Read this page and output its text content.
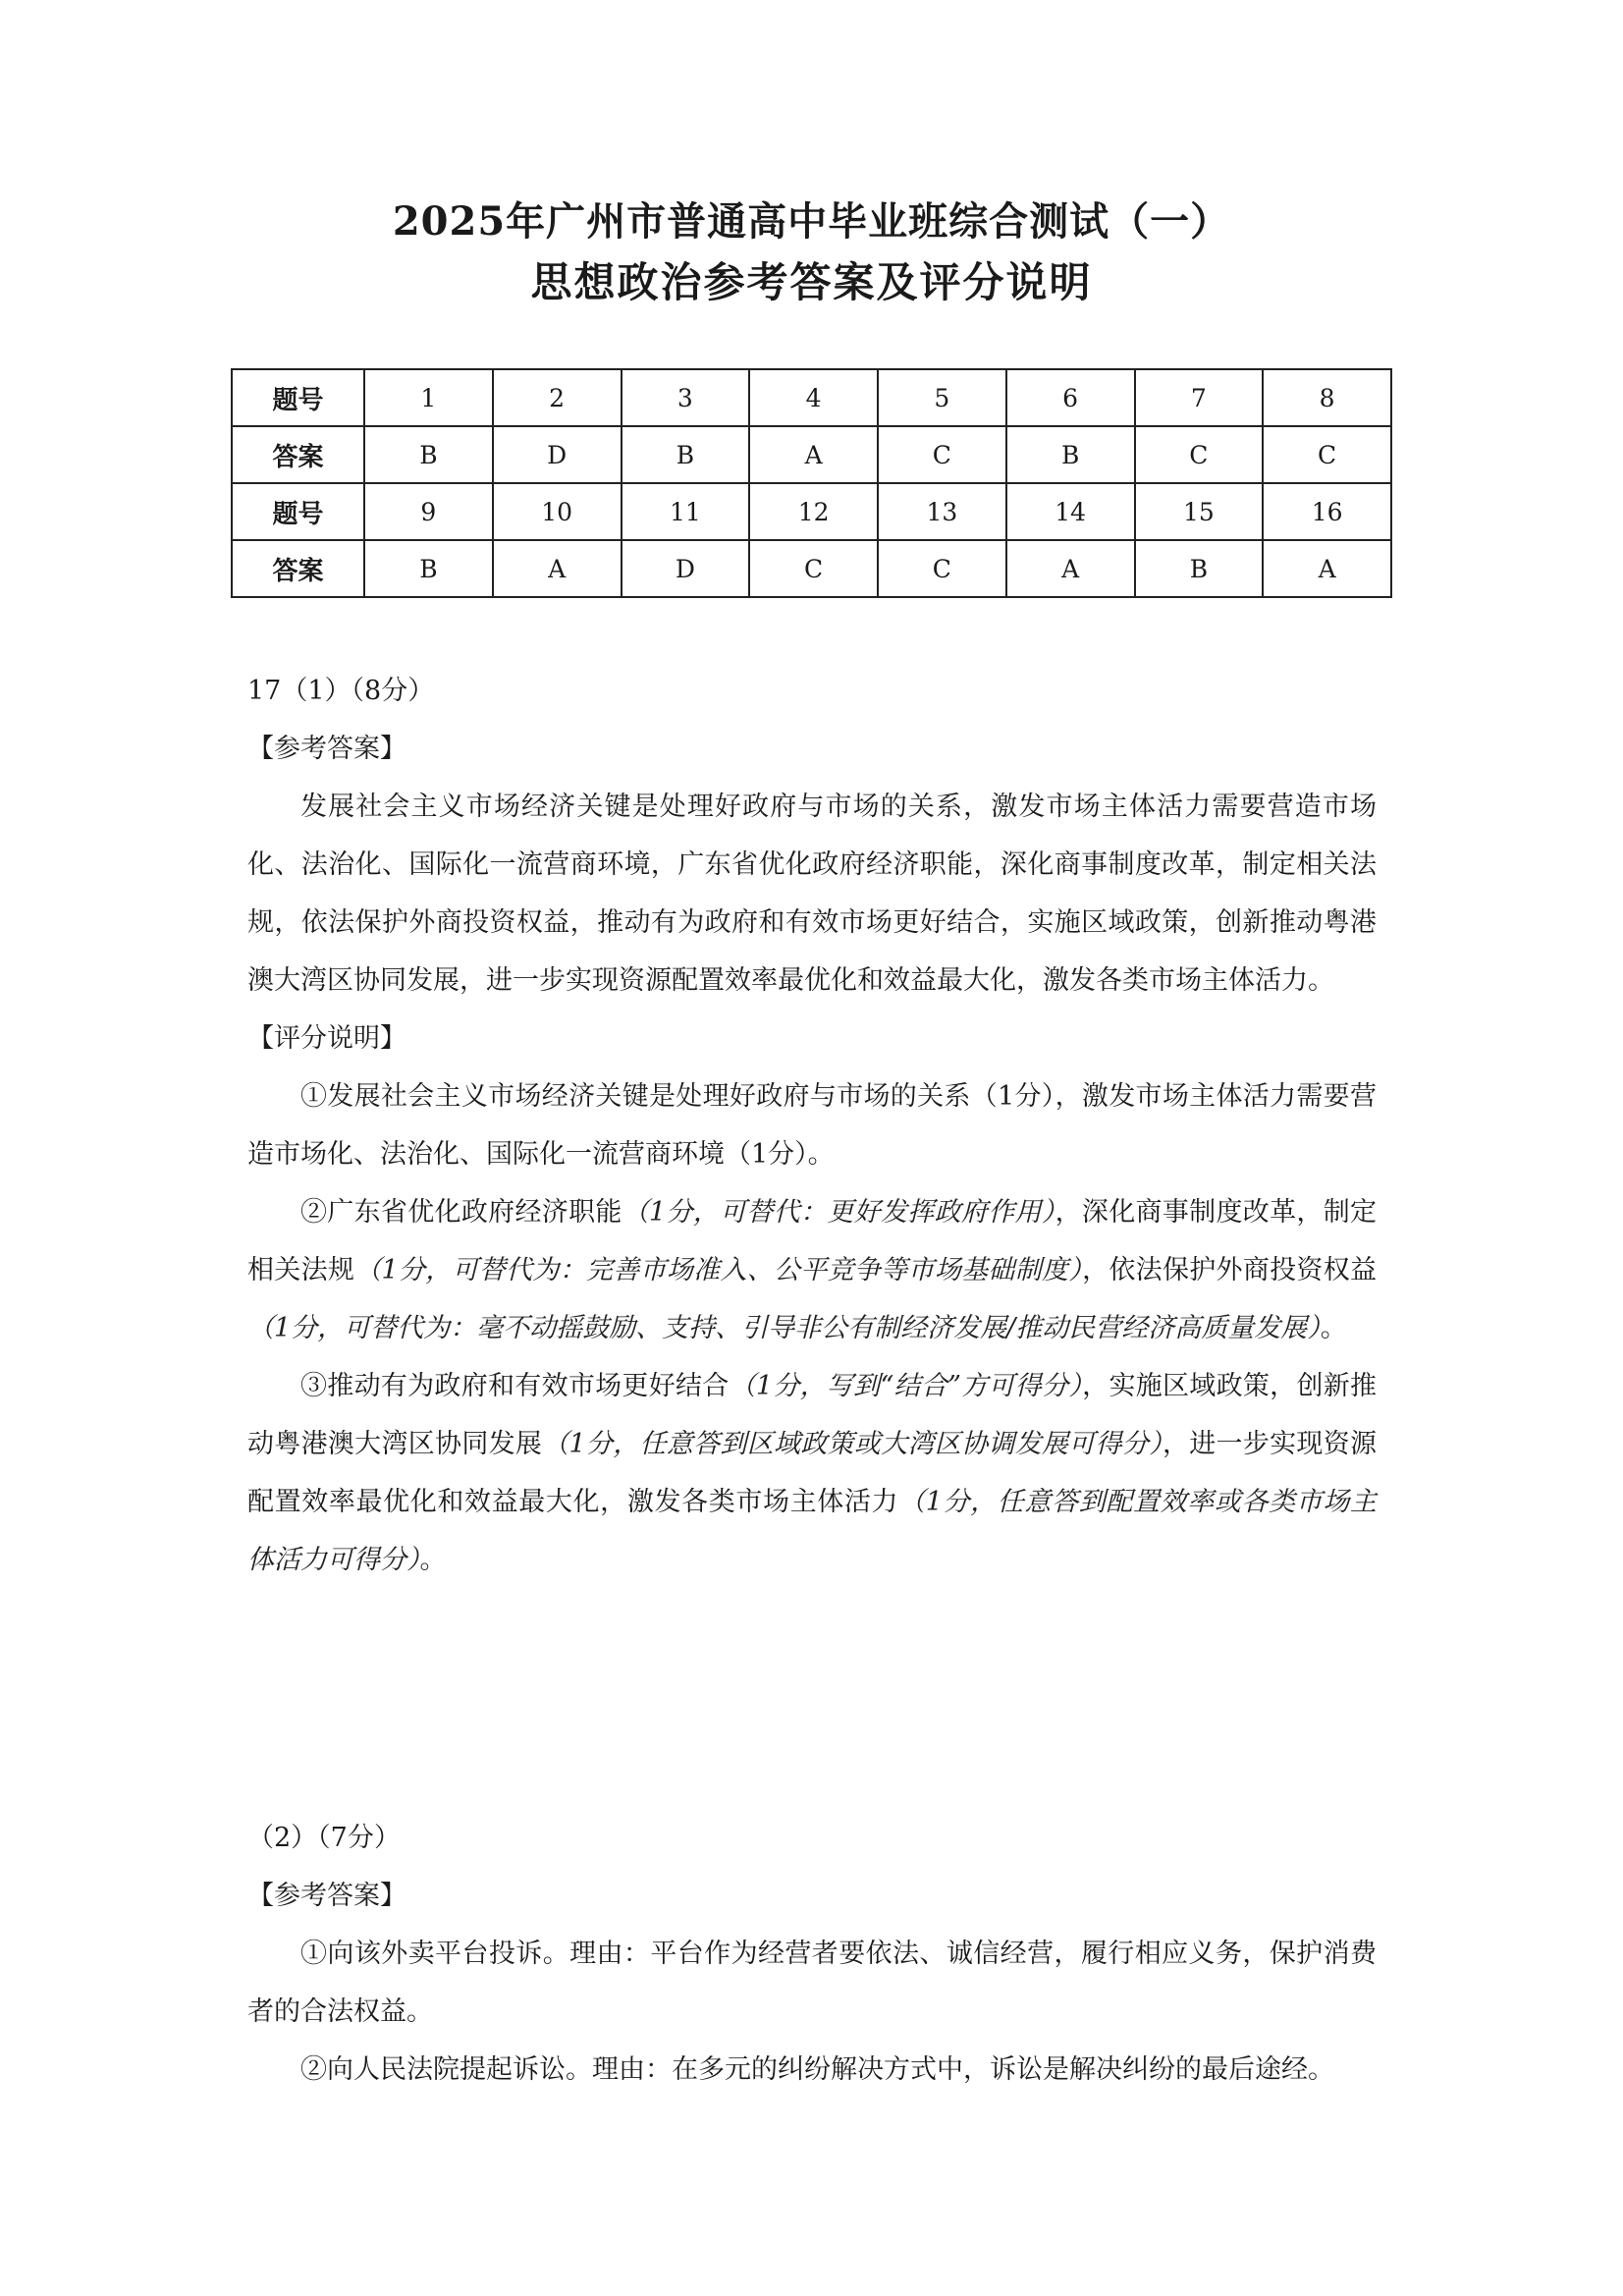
2025年广州市普通高中毕业班综合测试（一）
思想政治参考答案及评分说明
题号	1	2	3	4	5	6	7	8
答案	B	D	B	A	C	B	C	C
题号	9	10	11	12	13	14	15	16
答案	B	A	D	C	C	A	B	A

17（1）（8分）

【参考答案】

发展社会主义市场经济关键是处理好政府与市场的关系，激发市场主体活力需要营造市场化、法治化、国际化一流营商环境，广东省优化政府经济职能，深化商事制度改革，制定相关法规，依法保护外商投资权益，推动有为政府和有效市场更好结合，实施区域政策，创新推动粤港澳大湾区协同发展，进一步实现资源配置效率最优化和效益最大化，激发各类市场主体活力。

【评分说明】

①发展社会主义市场经济关键是处理好政府与市场的关系（1分），激发市场主体活力需要营造市场化、法治化、国际化一流营商环境（1分）。

②广东省优化政府经济职能（1分，可替代：更好发挥政府作用），深化商事制度改革，制定相关法规（1分，可替代为：完善市场准入、公平竞争等市场基础制度），依法保护外商投资权益（1分，可替代为：毫不动摇鼓励、支持、引导非公有制经济发展/推动民营经济高质量发展）。

③推动有为政府和有效市场更好结合（1分，写到“结合”方可得分），实施区域政策，创新推动粤港澳大湾区协同发展（1分，任意答到区域政策或大湾区协调发展可得分），进一步实现资源配置效率最优化和效益最大化，激发各类市场主体活力（1分，任意答到配置效率或各类市场主体活力可得分）。

（2）（7分）

【参考答案】

①向该外卖平台投诉。理由：平台作为经营者要依法、诚信经营，履行相应义务，保护消费者的合法权益。

②向人民法院提起诉讼。理由：在多元的纠纷解决方式中，诉讼是解决纠纷的最后途经。
